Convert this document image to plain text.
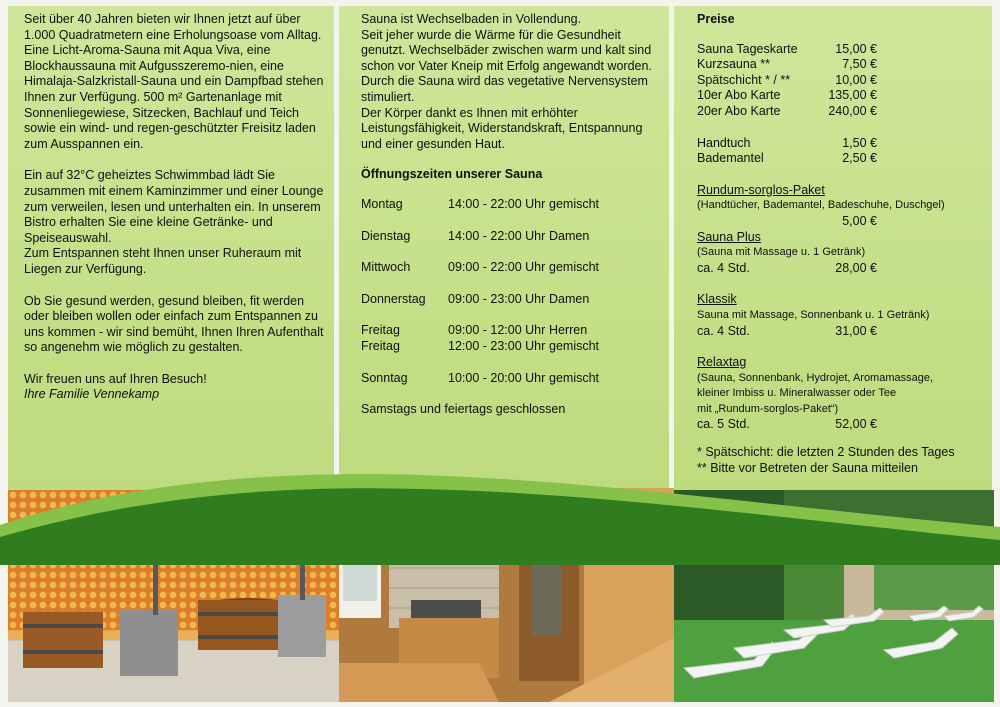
Seit über 40 Jahren bieten wir Ihnen jetzt auf über 1.000 Quadratmetern eine Erholungsoase vom Alltag. Eine Licht-Aroma-Sauna mit Aqua Viva, eine Blockhaussauna mit Aufgusszeremo-nien, eine Himalaja-Salzkristall-Sauna und ein Dampfbad stehen Ihnen zur Verfügung. 500 m² Gartenanlage mit Sonnenliegewiese, Sitzecken, Bachlauf und Teich sowie ein wind- und regen-geschützter Freisitz laden zum Ausspannen ein.

Ein auf 32°C geheiztes Schwimmbad lädt Sie zusammen mit einem Kaminzimmer und einer Lounge zum verweilen, lesen und unterhalten ein. In unserem Bistro erhalten Sie eine kleine Getränke- und Speiseauswahl.
Zum Entspannen steht Ihnen unser Ruheraum mit Liegen zur Verfügung.

Ob Sie gesund werden, gesund bleiben, fit werden oder bleiben wollen oder einfach zum Entspannen zu uns kommen - wir sind bemüht, Ihnen Ihren Aufenthalt so angenehm wie möglich zu gestalten.

Wir freuen uns auf Ihren Besuch!
Ihre Familie Vennekamp

Sauna ist Wechselbaden in Vollendung.

Seit jeher wurde die Wärme für die Gesundheit genutzt. Wechselbäder zwischen warm und kalt sind schon vor Vater Kneip mit Erfolg angewandt worden. Durch die Sauna wird das vegetative Nervensystem stimuliert.

Der Körper dankt es Ihnen mit erhöhter Leistungsfähigkeit, Widerstandskraft, Entspannung und einer gesunden Haut.

Öffnungszeiten unserer Sauna

Montag	14:00 - 22:00 Uhr gemischt
Dienstag	14:00 - 22:00 Uhr Damen
Mittwoch	09:00 - 22:00 Uhr gemischt
Donnerstag	09:00 - 23:00 Uhr Damen
Freitag	09:00 - 12:00 Uhr Herren
Freitag	12:00 - 23:00 Uhr gemischt
Sonntag	10:00 - 20:00 Uhr gemischt
Samstags und feiertags geschlossen
Preise
Sauna Tageskarte	15,00 €
Kurzsauna **	7,50 €
Spätschicht * / **	10,00 €
10er Abo Karte	135,00 €
20er Abo Karte	240,00 €
Handtuch	1,50 €
Bademantel	2,50 €
Rundum-sorglos-Paket
(Handtücher, Bademantel, Badeschuhe, Duschgel)
5,00 €
Sauna Plus
(Sauna mit Massage u. 1 Getränk)
ca. 4 Std.	28,00 €
Klassik
Sauna mit Massage, Sonnenbank u. 1 Getränk)
ca. 4 Std.	31,00 €
Relaxtag
(Sauna, Sonnenbank, Hydrojet, Aromamassage,
kleiner Imbiss u. Mineralwasser oder Tee
mit „Rundum-sorglos-Paket“)
ca. 5 Std.	52,00 €
* Spätschicht: die letzten 2 Stunden des Tages
** Bitte vor Betreten der Sauna mitteilen
